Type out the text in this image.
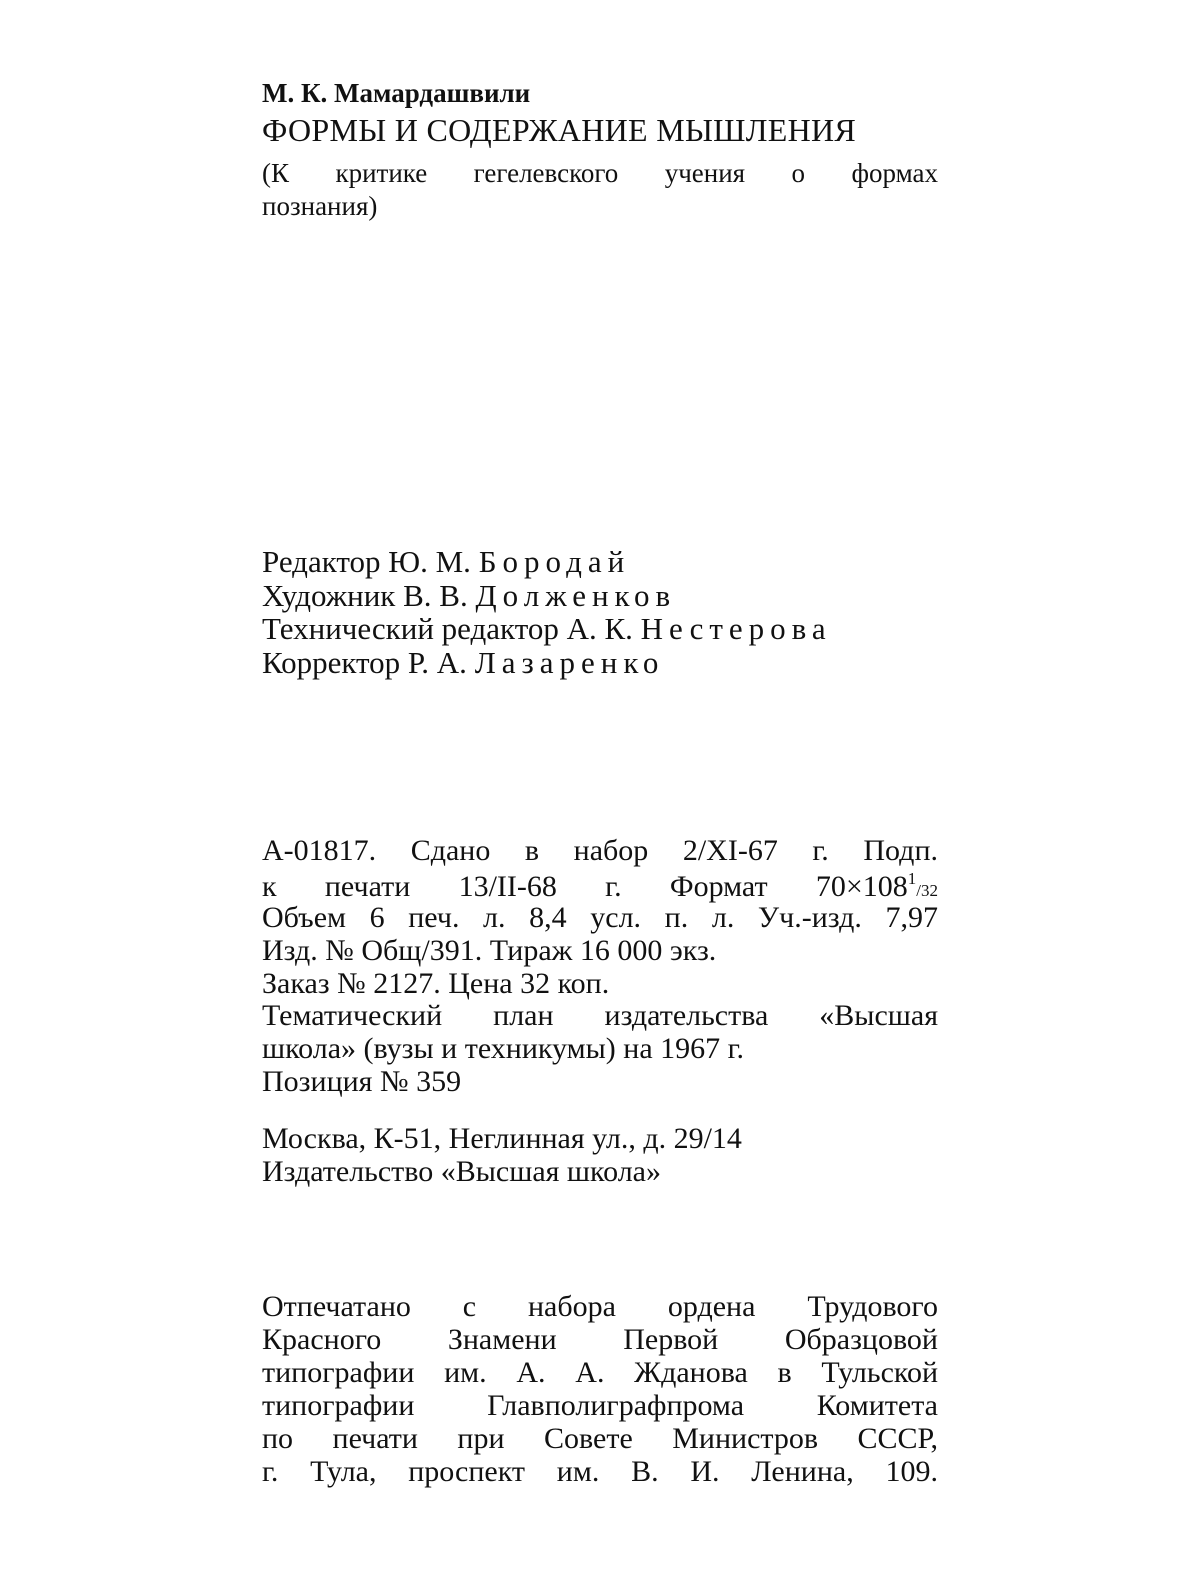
М. К. Мамардашвили
ФОРМЫ И СОДЕРЖАНИЕ МЫШЛЕНИЯ
(К критике гегелевского учения о формах
познания)
Редактор Ю. М. Бородай
Художник В. В. Долженков
Технический редактор А. К. Нестерова
Корректор Р. А. Лазаренко
А-01817. Сдано в набор 2/XI-67 г. Подп.
к печати 13/II-68 г. Формат $70\times 108^1/32$
Объем 6 печ. л. 8,4 усл. п. л. Уч.-изд. 7,97
Изд. № Общ/391. Тираж 16 000 экз.
Заказ № 2127. Цена 32 коп.
Тематический план издательства «Высшая
школа» (вузы и техникумы) на 1967 г.
Позиция № 359
Москва, К-51, Неглинная ул., д. 29/14
Издательство «Высшая школа»
Отпечатано с набора ордена Трудового
Красного Знамени Первой Образцовой
типографии им. А. А. Жданова в Тульской
типографии Главполиграфпрома Комитета
по печати при Совете Министров СССР,
г. Тула, проспект им. В. И. Ленина, 109.
